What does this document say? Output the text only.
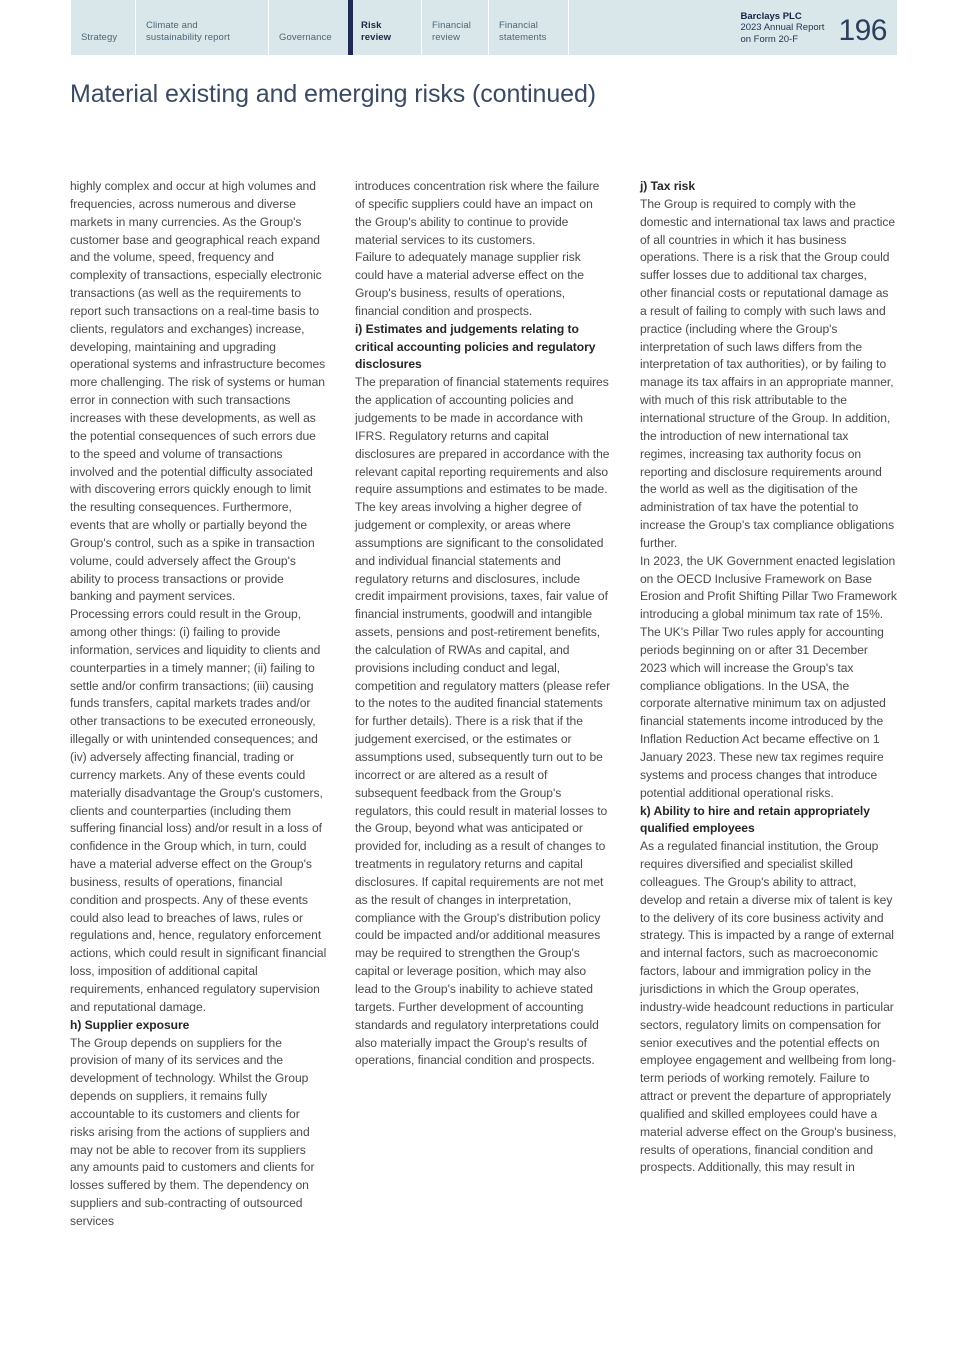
Strategy
Climate and
sustainability report	Governance
Risk
review
Financial
review
Financial
statements
Barclays PLC
2023 Annual Report
on Form 20-F	196
Material existing and emerging risks (continued)

highly complex and occur at high volumes and frequencies, across numerous and diverse markets in many currencies. As the Group's customer base and geographical reach expand and the volume, speed, frequency and complexity of transactions, especially electronic transactions (as well as the requirements to report such transactions on a real-time basis to clients, regulators and exchanges) increase, developing, maintaining and upgrading operational systems and infrastructure becomes more challenging. The risk of systems or human error in connection with such transactions increases with these developments, as well as the potential consequences of such errors due to the speed and volume of transactions involved and the potential difficulty associated with discovering errors quickly enough to limit the resulting consequences. Furthermore, events that are wholly or partially beyond the Group's control, such as a spike in transaction volume, could adversely affect the Group's ability to process transactions or provide banking and payment services.

Processing errors could result in the Group, among other things: (i) failing to provide information, services and liquidity to clients and counterparties in a timely manner; (ii) failing to settle and/or confirm transactions; (iii) causing funds transfers, capital markets trades and/or other transactions to be executed erroneously, illegally or with unintended consequences; and (iv) adversely affecting financial, trading or currency markets. Any of these events could materially disadvantage the Group's customers, clients and counterparties (including them suffering financial loss) and/or result in a loss of confidence in the Group which, in turn, could have a material adverse effect on the Group's business, results of operations, financial condition and prospects. Any of these events could also lead to breaches of laws, rules or regulations and, hence, regulatory enforcement actions, which could result in significant financial loss, imposition of additional capital requirements, enhanced regulatory supervision and reputational damage.

h) Supplier exposure

The Group depends on suppliers for the provision of many of its services and the development of technology. Whilst the Group depends on suppliers, it remains fully accountable to its customers and clients for risks arising from the actions of suppliers and may not be able to recover from its suppliers any amounts paid to customers and clients for losses suffered by them. The dependency on suppliers and sub-contracting of outsourced services

introduces concentration risk where the failure of specific suppliers could have an impact on the Group's ability to continue to provide material services to its customers.

Failure to adequately manage supplier risk could have a material adverse effect on the Group's business, results of operations, financial condition and prospects.

i) Estimates and judgements relating to critical accounting policies and regulatory disclosures

The preparation of financial statements requires the application of accounting policies and judgements to be made in accordance with IFRS. Regulatory returns and capital disclosures are prepared in accordance with the relevant capital reporting requirements and also require assumptions and estimates to be made. The key areas involving a higher degree of judgement or complexity, or areas where assumptions are significant to the consolidated and individual financial statements and regulatory returns and disclosures, include credit impairment provisions, taxes, fair value of financial instruments, goodwill and intangible assets, pensions and post-retirement benefits, the calculation of RWAs and capital, and provisions including conduct and legal, competition and regulatory matters (please refer to the notes to the audited financial statements for further details). There is a risk that if the judgement exercised, or the estimates or assumptions used, subsequently turn out to be incorrect or are altered as a result of subsequent feedback from the Group's regulators, this could result in material losses to the Group, beyond what was anticipated or provided for, including as a result of changes to treatments in regulatory returns and capital disclosures. If capital requirements are not met as the result of changes in interpretation, compliance with the Group's distribution policy could be impacted and/or additional measures may be required to strengthen the Group's capital or leverage position, which may also lead to the Group's inability to achieve stated targets. Further development of accounting standards and regulatory interpretations could also materially impact the Group's results of operations, financial condition and prospects.

j) Tax risk

The Group is required to comply with the domestic and international tax laws and practice of all countries in which it has business operations. There is a risk that the Group could suffer losses due to additional tax charges, other financial costs or reputational damage as a result of failing to comply with such laws and practice (including where the Group's interpretation of such laws differs from the interpretation of tax authorities), or by failing to manage its tax affairs in an appropriate manner, with much of this risk attributable to the international structure of the Group. In addition, the introduction of new international tax regimes, increasing tax authority focus on reporting and disclosure requirements around the world as well as the digitisation of the administration of tax have the potential to increase the Group's tax compliance obligations further.

In 2023, the UK Government enacted legislation on the OECD Inclusive Framework on Base Erosion and Profit Shifting Pillar Two Framework introducing a global minimum tax rate of 15%.

The UK's Pillar Two rules apply for accounting periods beginning on or after 31 December 2023 which will increase the Group's tax compliance obligations. In the USA, the corporate alternative minimum tax on adjusted financial statements income introduced by the Inflation Reduction Act became effective on 1 January 2023. These new tax regimes require systems and process changes that introduce potential additional operational risks.

k) Ability to hire and retain appropriately qualified employees

As a regulated financial institution, the Group requires diversified and specialist skilled colleagues. The Group's ability to attract, develop and retain a diverse mix of talent is key to the delivery of its core business activity and strategy. This is impacted by a range of external and internal factors, such as macroeconomic factors, labour and immigration policy in the jurisdictions in which the Group operates, industry-wide headcount reductions in particular sectors, regulatory limits on compensation for senior executives and the potential effects on employee engagement and wellbeing from long-term periods of working remotely. Failure to attract or prevent the departure of appropriately qualified and skilled employees could have a material adverse effect on the Group's business, results of operations, financial condition and prospects. Additionally, this may result in
